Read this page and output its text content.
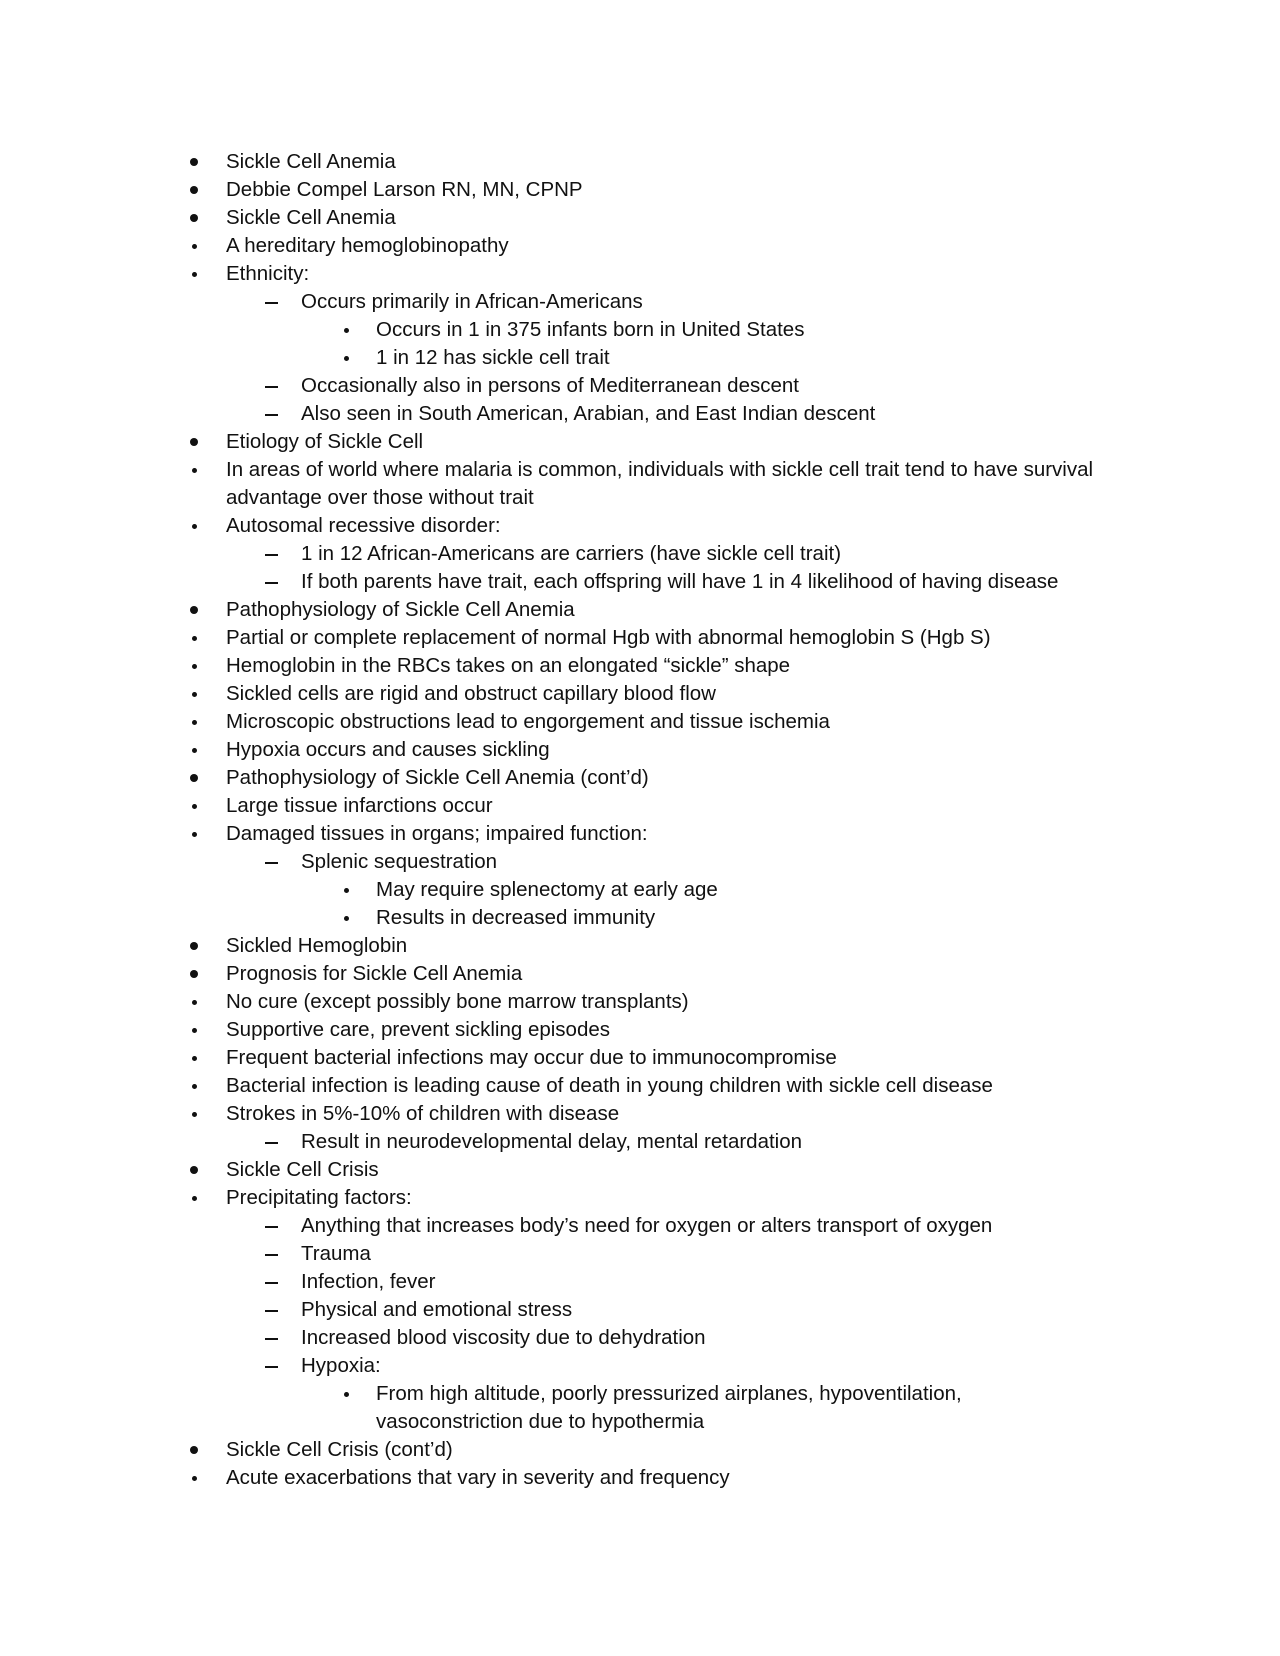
Sickle Cell Anemia
Debbie Compel Larson RN, MN, CPNP
Sickle Cell Anemia
A hereditary hemoglobinopathy
Ethnicity:
Occurs primarily in African-Americans
Occurs in 1 in 375 infants born in United States
1 in 12 has sickle cell trait
Occasionally also in persons of Mediterranean descent
Also seen in South American, Arabian, and East Indian descent
Etiology of Sickle Cell
In areas of world where malaria is common, individuals with sickle cell trait tend to have survival advantage over those without trait
Autosomal recessive disorder:
1 in 12 African-Americans are carriers (have sickle cell trait)
If both parents have trait, each offspring will have 1 in 4 likelihood of having disease
Pathophysiology of Sickle Cell Anemia
Partial or complete replacement of normal Hgb with abnormal hemoglobin S (Hgb S)
Hemoglobin in the RBCs takes on an elongated “sickle” shape
Sickled cells are rigid and obstruct capillary blood flow
Microscopic obstructions lead to engorgement and tissue ischemia
Hypoxia occurs and causes sickling
Pathophysiology of Sickle Cell Anemia (cont’d)
Large tissue infarctions occur
Damaged tissues in organs; impaired function:
Splenic sequestration
May require splenectomy at early age
Results in decreased immunity
Sickled Hemoglobin
Prognosis for Sickle Cell Anemia
No cure (except possibly bone marrow transplants)
Supportive care, prevent sickling episodes
Frequent bacterial infections may occur due to immunocompromise
Bacterial infection is leading cause of death in young children with sickle cell disease
Strokes in 5%-10% of children with disease
Result in neurodevelopmental delay, mental retardation
Sickle Cell Crisis
Precipitating factors:
Anything that increases body’s need for oxygen or alters transport of oxygen
Trauma
Infection, fever
Physical and emotional stress
Increased blood viscosity due to dehydration
Hypoxia:
From high altitude, poorly pressurized airplanes, hypoventilation, vasoconstriction due to hypothermia
Sickle Cell Crisis (cont’d)
Acute exacerbations that vary in severity and frequency
